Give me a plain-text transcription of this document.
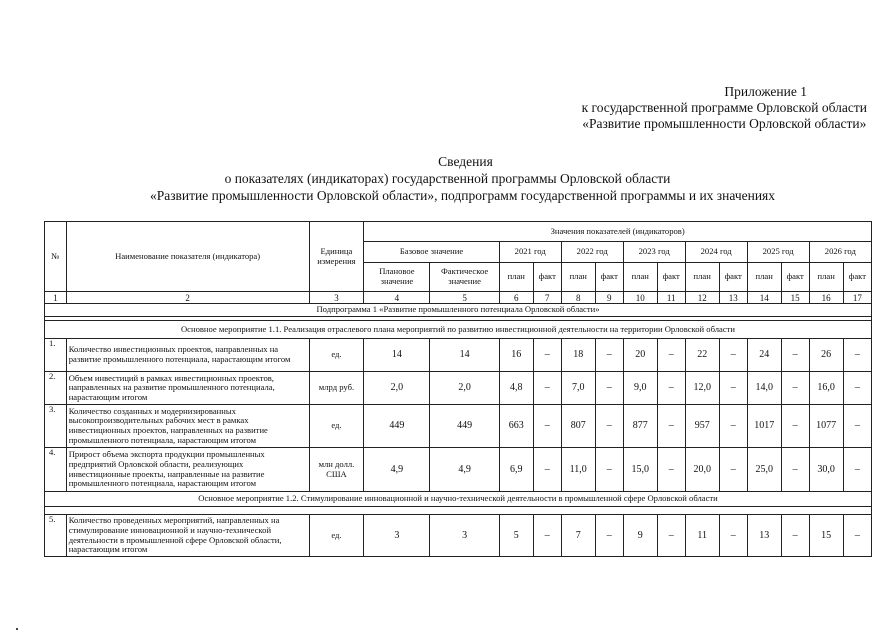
Приложение 1
к государственной программе Орловской области
«Развитие промышленности Орловской области»
Сведения
о показателях (индикаторах) государственной программы Орловской области
«Развитие промышленности Орловской области», подпрограмм государственной программы и их значениях
№	Наименование показателя (индикатора)	Единица измерения	Значения показателей (индикаторов)													
			Базовое значение		2021 год		2022 год		2023 год		2024 год		2025 год		2026 год	
			Плановое значение	Фактическое значение	план	факт	план	факт	план	факт	план	факт	план	факт	план	факт
1	2	3	4	5	6	7	8	9	10	11	12	13	14	15	16	17
Подпрограмма 1 «Развитие промышленного потенциала Орловской области»																

Основное мероприятие 1.1. Реализация отраслевого плана мероприятий по развитию инвестиционной деятельности на территории Орловской области																
1.	Количество инвестиционных проектов, направленных на развитие промышленного потенциала, нарастающим итогом	ед.	14	14	16	–	18	–	20	–	22	–	24	–	26	–
2.	Объем инвестиций в рамках инвестиционных проектов, направленных на развитие промышленного потенциала, нарастающим итогом	млрд руб.	2,0	2,0	4,8	–	7,0	–	9,0	–	12,0	–	14,0	–	16,0	–
3.	Количество созданных и модернизированных высокопроизводительных рабочих мест в рамках инвестиционных проектов, направленных на развитие промышленного потенциала, нарастающим итогом	ед.	449	449	663	–	807	–	877	–	957	–	1017	–	1077	–
4.	Прирост объема экспорта продукции промышленных предприятий Орловской области, реализующих инвестиционные проекты, направленные на развитие промышленного потенциала, нарастающим итогом	млн долл. США	4,9	4,9	6,9	–	11,0	–	15,0	–	20,0	–	25,0	–	30,0	–
Основное мероприятие 1.2. Стимулирование инновационной и научно-технической деятельности в промышленной сфере Орловской области																

5.	Количество проведенных мероприятий, направленных на стимулирование инновационной и научно-технической деятельности в промышленной сфере Орловской области, нарастающим итогом	ед.	3	3	5	–	7	–	9	–	11	–	13	–	15	–
